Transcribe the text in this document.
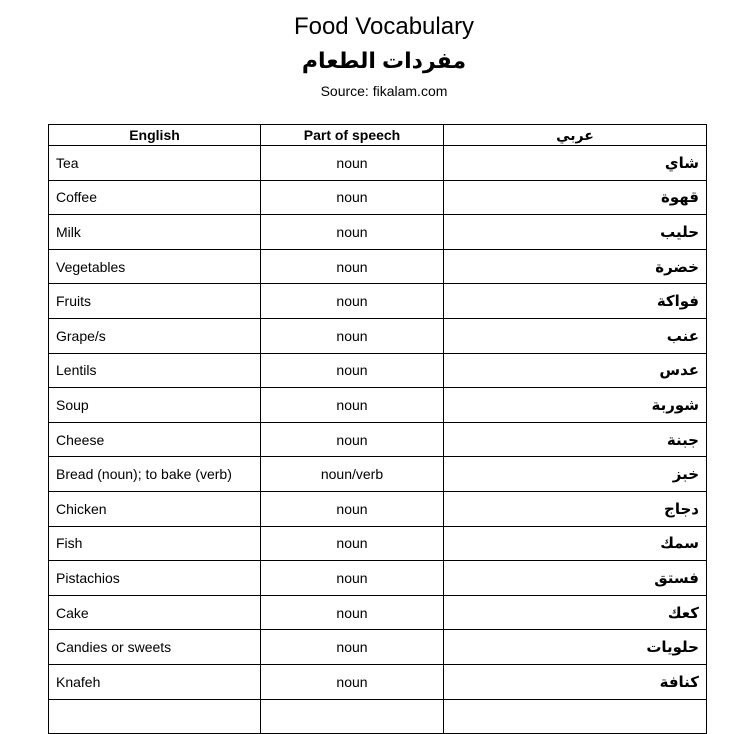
Food Vocabulary
مفردات الطعام
Source: fikalam.com
English	Part of speech	عربي
Tea	noun	شاي
Coffee	noun	قهوة
Milk	noun	حليب
Vegetables	noun	خضرة
Fruits	noun	فواكة
Grape/s	noun	عنب
Lentils	noun	عدس
Soup	noun	شوربة
Cheese	noun	جبنة
Bread (noun); to bake (verb)	noun/verb	خبز
Chicken	noun	دجاج
Fish	noun	سمك
Pistachios	noun	فستق
Cake	noun	كعك
Candies or sweets	noun	حلويات
Knafeh	noun	كنافة
